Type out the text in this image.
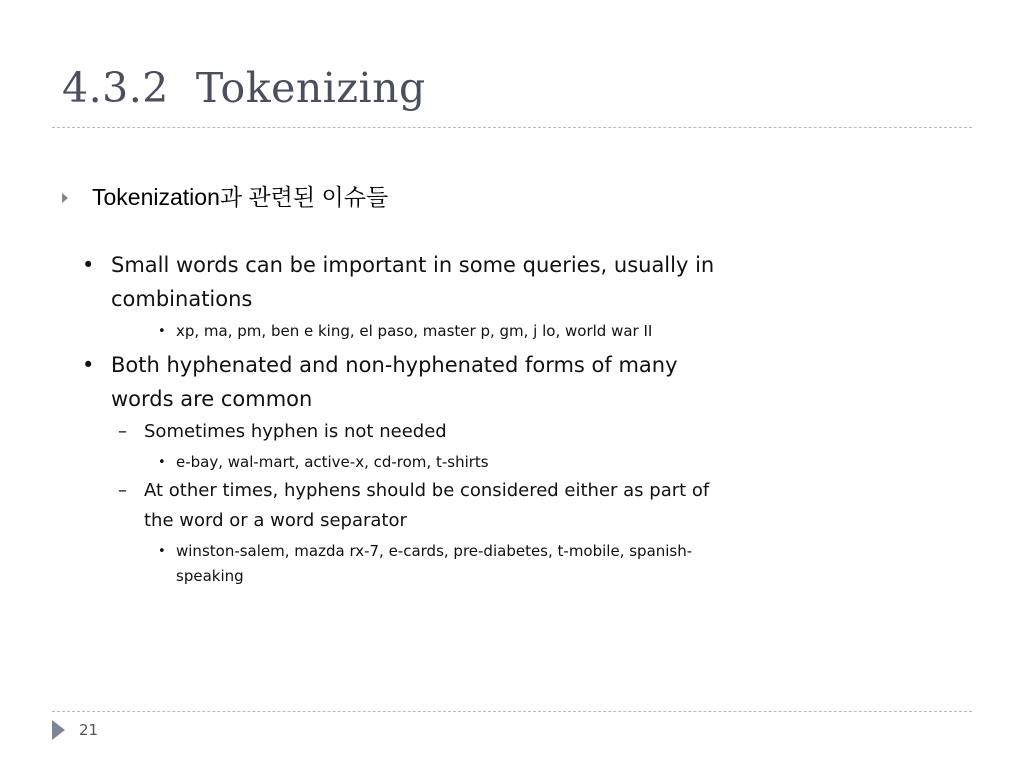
4.3.2  Tokenizing
Tokenization과 관련된 이슈들
• Small words can be important in some queries, usually in combinations
• xp, ma, pm, ben e king, el paso, master p, gm, j lo, world war II
• Both hyphenated and non-hyphenated forms of many words are common
– Sometimes hyphen is not needed
• e-bay, wal-mart, active-x, cd-rom, t-shirts
– At other times, hyphens should be considered either as part of the word or a word separator
• winston-salem, mazda rx-7, e-cards, pre-diabetes, t-mobile, spanish-speaking
21
